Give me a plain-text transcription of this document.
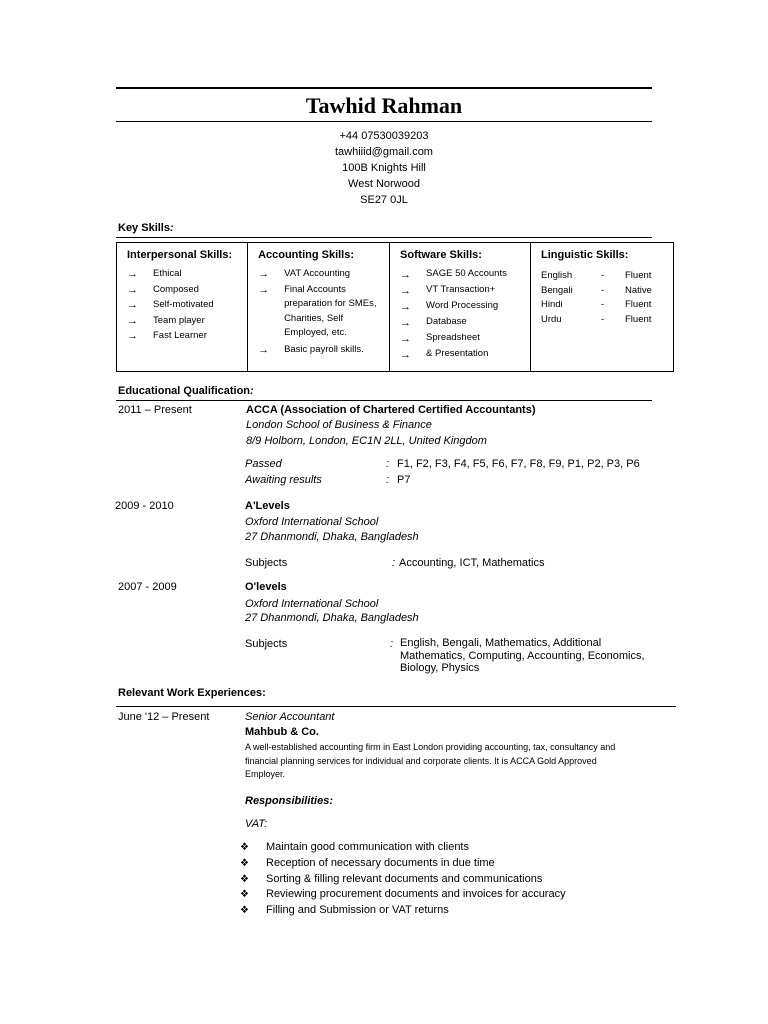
Tawhid Rahman
+44 07530039203
tawhiiid@gmail.com
100B Knights Hill
West Norwood
SE27 0JL
Key Skills:
Interpersonal Skills:
→	Ethical
→	Composed
→	Self-motivated
→	Team player
→	Fast Learner
Accounting Skills:
→	VAT Accounting
→	Final Accounts preparation for SMEs, Charities, Self Employed, etc.
→	Basic payroll skills.
Software Skills:
→	SAGE 50 Accounts
→	VT Transaction+
→	Word Processing
→	Database
→	Spreadsheet
→	& Presentation
Linguistic Skills:
English	-	Fluent
Bengali	-	Native
Hindi	-	Fluent
Urdu	-	Fluent
Educational Qualification:
2011 – Present	ACCA (Association of Chartered Certified Accountants)
London School of Business & Finance
8/9 Holborn, London, EC1N 2LL, United Kingdom
Passed	: F1, F2, F3, F4, F5, F6, F7, F8, F9, P1, P2, P3, P6
Awaiting results	: P7
2009 - 2010	A'Levels
Oxford International School
27 Dhanmondi, Dhaka, Bangladesh
Subjects	: Accounting, ICT, Mathematics
2007 - 2009	O'levels
Oxford International School
27 Dhanmondi, Dhaka, Bangladesh
Subjects	: English, Bengali, Mathematics, Additional Mathematics, Computing, Accounting, Economics, Biology, Physics
Relevant Work Experiences:
June '12 – Present	Senior Accountant
Mahbub & Co.
A well-established accounting firm in East London providing accounting, tax, consultancy and financial planning services for individual and corporate clients. It is ACCA Gold Approved Employer.
Responsibilities:
VAT:
❖	Maintain good communication with clients
❖	Reception of necessary documents in due time
❖	Sorting & filling relevant documents and communications
❖	Reviewing procurement documents and invoices for accuracy
❖	Filling and Submission or VAT returns
